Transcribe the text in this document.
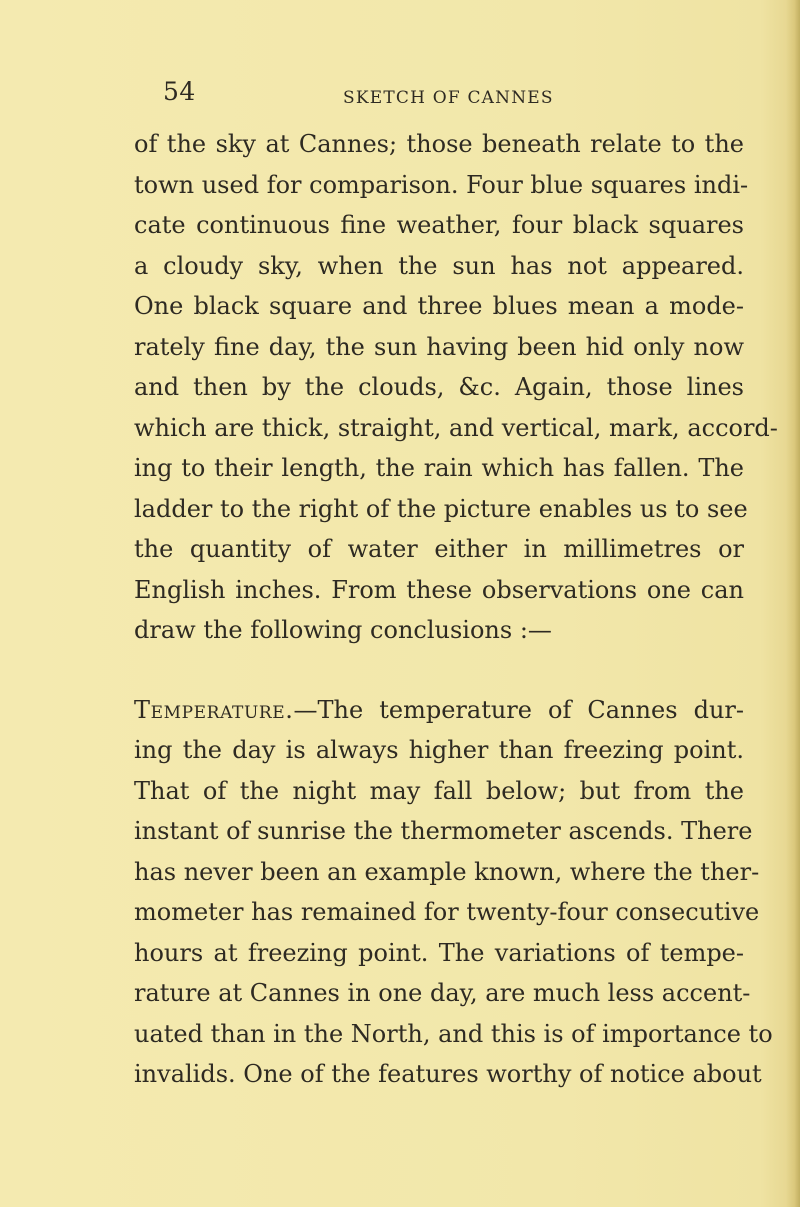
54	SKETCH OF CANNES
of the sky at Cannes; those beneath relate to the
town used for comparison. Four blue squares indi-
cate continuous fine weather, four black squares
a cloudy sky, when the sun has not appeared.
One black square and three blues mean a mode-
rately fine day, the sun having been hid only now
and then by the clouds, &c. Again, those lines
which are thick, straight, and vertical, mark, accord-
ing to their length, the rain which has fallen. The
ladder to the right of the picture enables us to see
the quantity of water either in millimetres or
English inches. From these observations one can
draw the following conclusions :—
Temperature.—The temperature of Cannes dur-
ing the day is always higher than freezing point.
That of the night may fall below; but from the
instant of sunrise the thermometer ascends. There
has never been an example known, where the ther-
mometer has remained for twenty-four consecutive
hours at freezing point. The variations of tempe-
rature at Cannes in one day, are much less accent-
uated than in the North, and this is of importance to
invalids. One of the features worthy of notice about
